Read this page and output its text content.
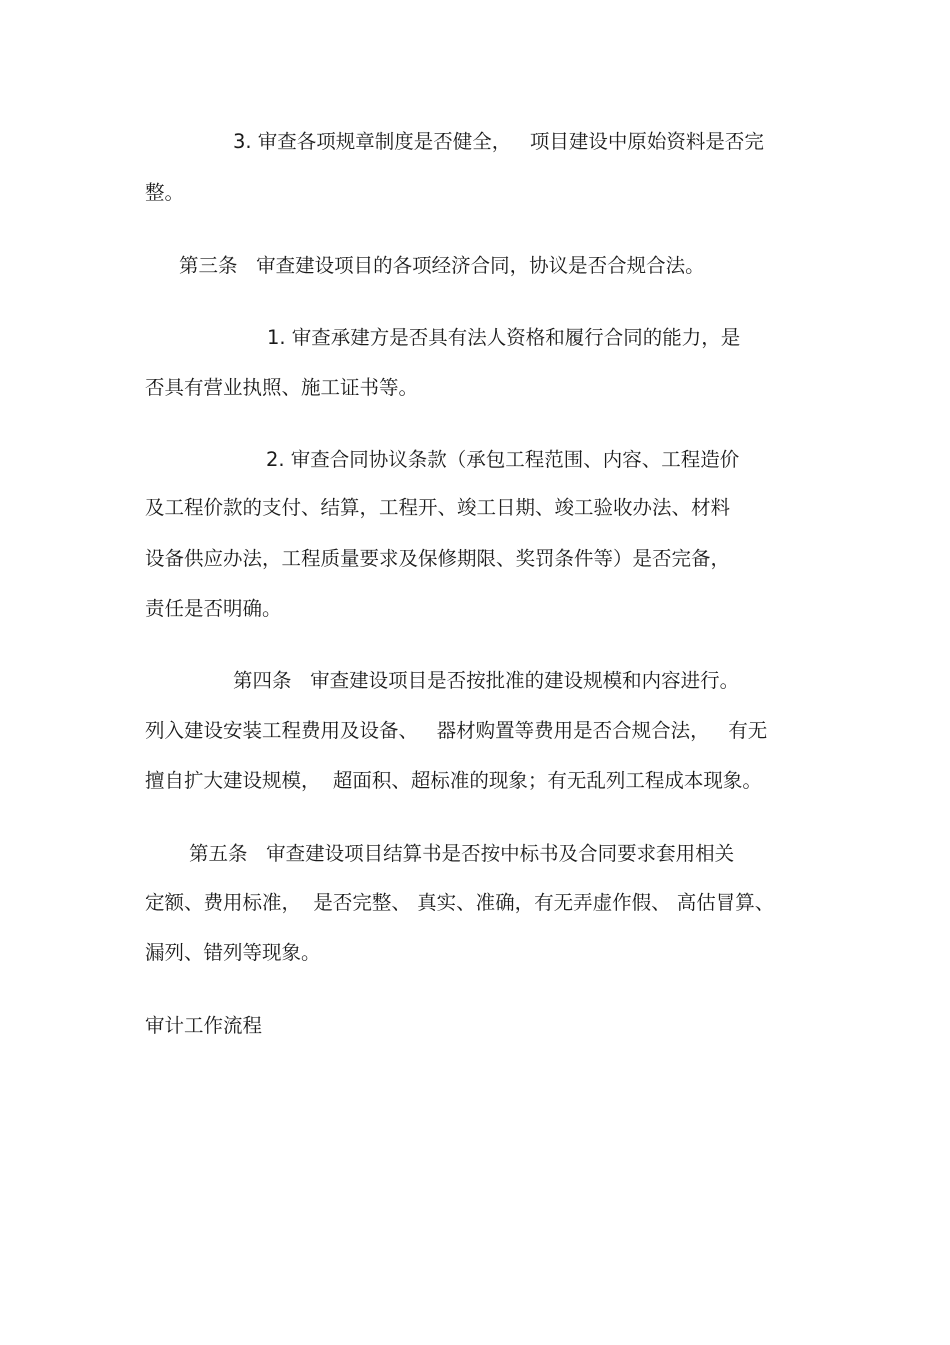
3. 审查各项规章制度是否健全，   项目建设中原始资料是否完

整。

第三条   审查建设项目的各项经济合同，协议是否合规合法。

1. 审查承建方是否具有法人资格和履行合同的能力，是

否具有营业执照、施工证书等。

2. 审查合同协议条款（承包工程范围、内容、工程造价

及工程价款的支付、结算，工程开、竣工日期、竣工验收办法、材料

设备供应办法，工程质量要求及保修期限、奖罚条件等）是否完备，

责任是否明确。

第四条   审查建设项目是否按批准的建设规模和内容进行。

列入建设安装工程费用及设备、   器材购置等费用是否合规合法，   有无

擅自扩大建设规模，  超面积、超标准的现象；有无乱列工程成本现象。

第五条   审查建设项目结算书是否按中标书及合同要求套用相关

定额、费用标准，  是否完整、 真实、准确，有无弄虚作假、 高估冒算、

漏列、错列等现象。

审计工作流程
